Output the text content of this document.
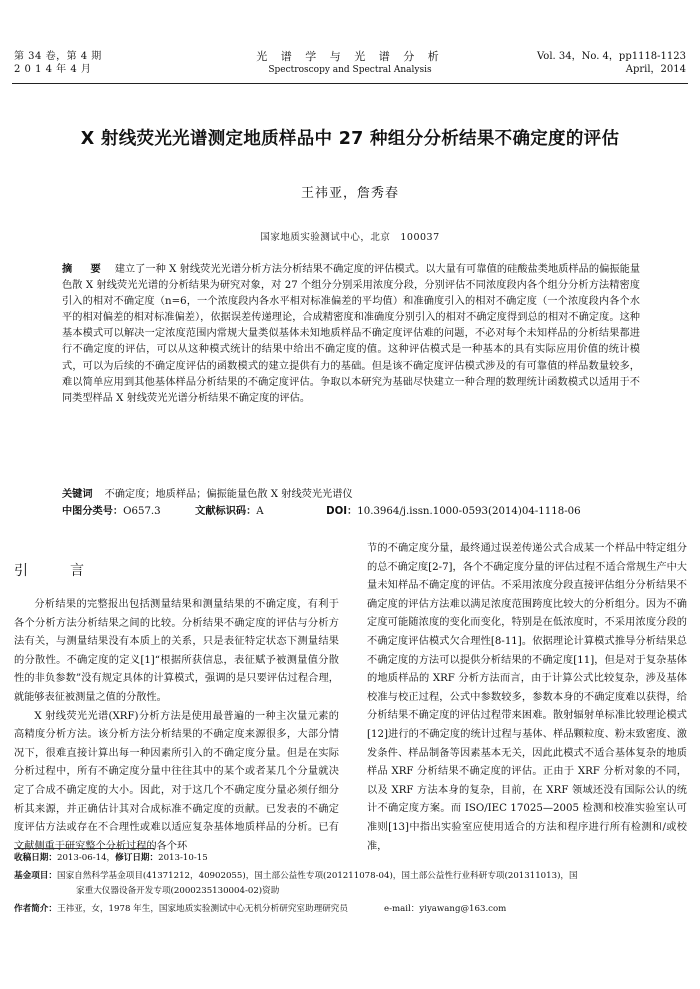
第 34 卷，第 4 期
2 0 1 4 年 4 月
光 谱 学 与 光 谱 分 析
Spectroscopy and Spectral Analysis
Vol. 34，No. 4，pp1118-1123
April，2014
X 射线荧光光谱测定地质样品中 27 种组分分析结果不确定度的评估
王祎亚，詹秀春
国家地质实验测试中心，北京　100037
摘　要 建立了一种 X 射线荧光光谱分析方法分析结果不确定度的评估模式。以大量有可靠值的硅酸盐类地质样品的偏振能量色散 X 射线荧光光谱的分析结果为研究对象，对 27 个组分分别采用浓度分段，分别评估不同浓度段内各个组分分析方法精密度引入的相对不确定度（n=6，一个浓度段内各水平相对标准偏差的平均值）和准确度引入的相对不确定度（一个浓度段内各个水平的相对偏差的相对标准偏差），依据误差传递理论，合成精密度和准确度分别引入的相对不确定度得到总的相对不确定度。这种基本模式可以解决一定浓度范围内常规大量类似基体未知地质样品不确定度评估难的问题，不必对每个未知样品的分析结果都进行不确定度的评估，可以从这种模式统计的结果中给出不确定度的值。这种评估模式是一种基本的具有实际应用价值的统计模式，可以为后续的不确定度评估的函数模式的建立提供有力的基础。但是该不确定度评估模式涉及的有可靠值的样品数量较多，难以简单应用到其他基体样品分析结果的不确定度评估。争取以本研究为基础尽快建立一种合理的数理统计函数模式以适用于不同类型样品 X 射线荧光光谱分析结果不确定度的评估。
关键词 不确定度；地质样品；偏振能量色散 X 射线荧光光谱仪
中图分类号：O657.3	文献标识码：A	DOI：10.3964/j.issn.1000-0593(2014)04-1118-06
引　言

分析结果的完整报出包括测量结果和测量结果的不确定度，有利于各个分析方法分析结果之间的比较。分析结果不确定度的评估与分析方法有关，与测量结果没有本质上的关系，只是表征特定状态下测量结果的分散性。不确定度的定义[1]“根据所获信息，表征赋予被测量值分散性的非负参数”没有规定具体的计算模式，强调的是只要评估过程合理，就能够表征被测量之值的分散性。

X 射线荧光光谱(XRF)分析方法是使用最普遍的一种主次量元素的高精度分析方法。该分析方法分析结果的不确定度来源很多，大部分情况下，很难直接计算出每一种因素所引入的不确定度分量。但是在实际分析过程中，所有不确定度分量中往往其中的某个或者某几个分量就决定了合成不确定度的大小。因此，对于这几个不确定度分量必须仔细分析其来源，并正确估计其对合成标准不确定度的贡献。已发表的不确定度评估方法或存在不合理性或难以适应复杂基体地质样品的分析。已有文献侧重于研究整个分析过程的各个环

节的不确定度分量，最终通过误差传递公式合成某一个样品中特定组分的总不确定度[2-7]，各个不确定度分量的评估过程不适合常规生产中大量未知样品不确定度的评估。不采用浓度分段直接评估组分分析结果不确定度的评估方法难以满足浓度范围跨度比较大的分析组分。因为不确定度可能随浓度的变化而变化，特别是在低浓度时，不采用浓度分段的不确定度评估模式欠合理性[8-11]。依据理论计算模式推导分析结果总不确定度的方法可以提供分析结果的不确定度[11]，但是对于复杂基体的地质样品的 XRF 分析方法而言，由于计算公式比较复杂，涉及基体校准与校正过程，公式中参数较多，参数本身的不确定度难以获得，给分析结果不确定度的评估过程带来困难。散射辐射单标准比较理论模式[12]进行的不确定度的统计过程与基体、样品颗粒度、粉末致密度、激发条件、样品制备等因素基本无关，因此此模式不适合基体复杂的地质样品 XRF 分析结果不确定度的评估。正由于 XRF 分析对象的不同，以及 XRF 方法本身的复杂，目前，在 XRF 领域还没有国际公认的统计不确定度方案。而 ISO/IEC 17025—2005 检测和校准实验室认可准则[13]中指出实验室应使用适合的方法和程序进行所有检测和/或校准，

收稿日期：2013-06-14，修订日期：2013-10-15
基金项目：国家自然科学基金项目(41371212，40902055)，国土部公益性专项(201211078-04)，国土部公益性行业科研专项(201311013)，国
家重大仪器设备开发专项(2000235130004-02)资助
作者简介：王祎亚，女，1978 年生，国家地质实验测试中心无机分析研究室助理研究员	e-mail：yiyawang@163.com
